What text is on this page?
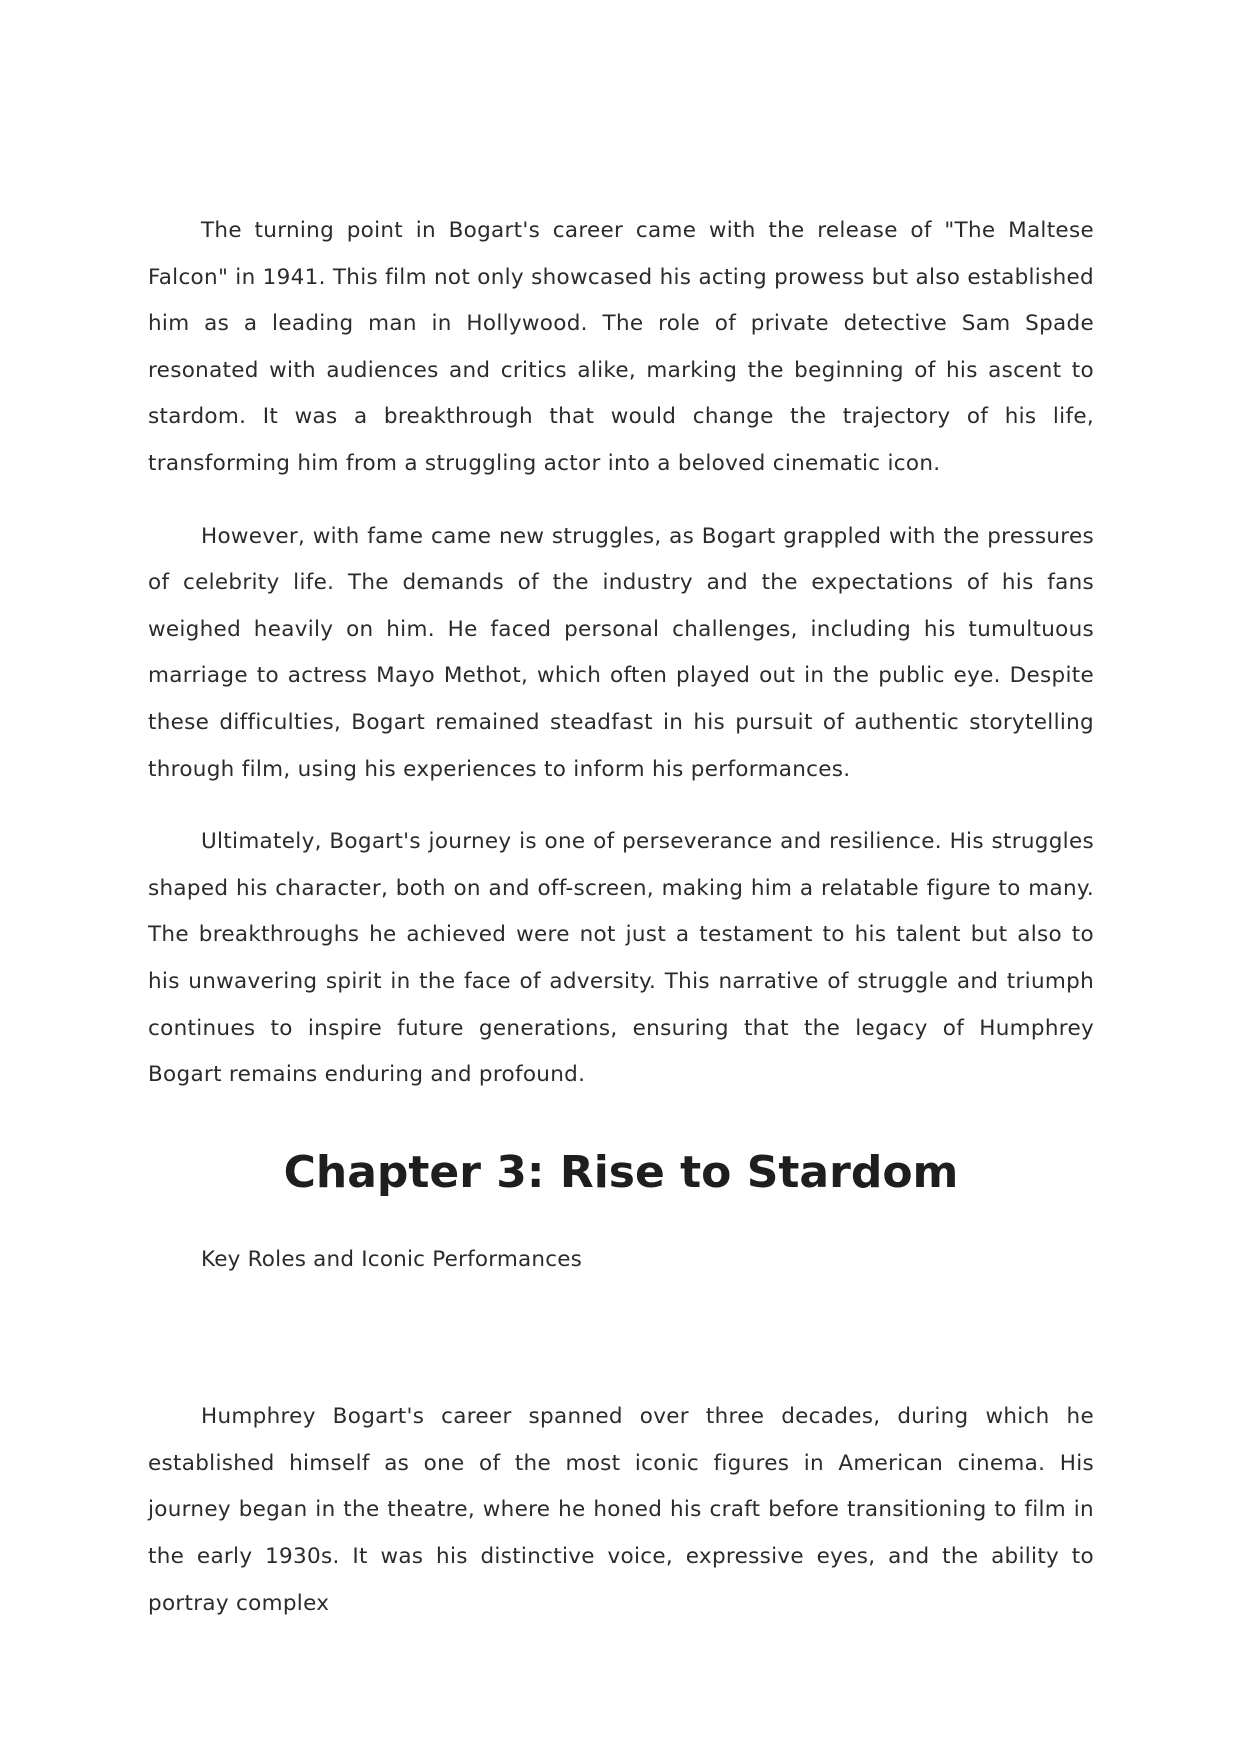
The turning point in Bogart's career came with the release of "The Maltese Falcon" in 1941. This film not only showcased his acting prowess but also established him as a leading man in Hollywood. The role of private detective Sam Spade resonated with audiences and critics alike, marking the beginning of his ascent to stardom. It was a breakthrough that would change the trajectory of his life, transforming him from a struggling actor into a beloved cinematic icon.

However, with fame came new struggles, as Bogart grappled with the pressures of celebrity life. The demands of the industry and the expectations of his fans weighed heavily on him. He faced personal challenges, including his tumultuous marriage to actress Mayo Methot, which often played out in the public eye. Despite these difficulties, Bogart remained steadfast in his pursuit of authentic storytelling through film, using his experiences to inform his performances.

Ultimately, Bogart's journey is one of perseverance and resilience. His struggles shaped his character, both on and off-screen, making him a relatable figure to many. The breakthroughs he achieved were not just a testament to his talent but also to his unwavering spirit in the face of adversity. This narrative of struggle and triumph continues to inspire future generations, ensuring that the legacy of Humphrey Bogart remains enduring and profound.

Chapter 3: Rise to Stardom

Key Roles and Iconic Performances

Humphrey Bogart's career spanned over three decades, during which he established himself as one of the most iconic figures in American cinema. His journey began in the theatre, where he honed his craft before transitioning to film in the early 1930s. It was his distinctive voice, expressive eyes, and the ability to portray complex
